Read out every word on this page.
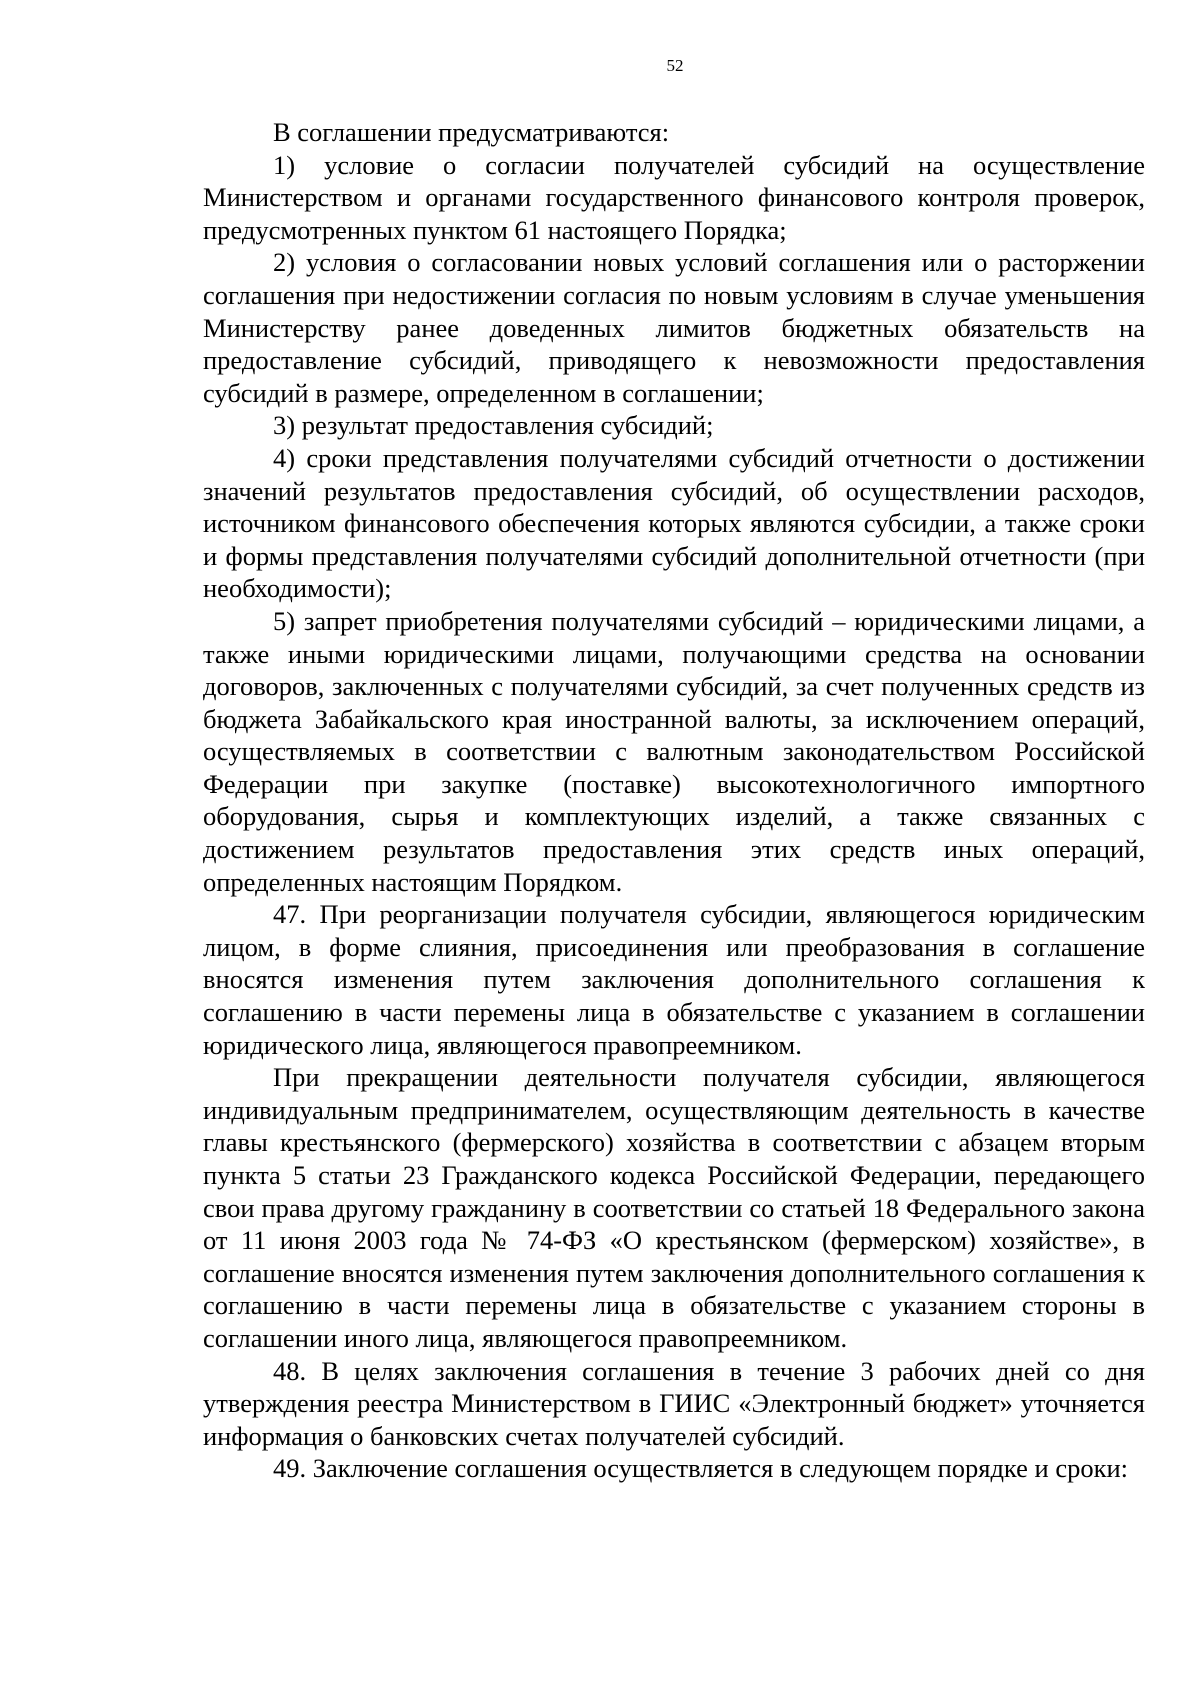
52

В соглашении предусматриваются:

1) условие о согласии получателей субсидий на осуществление Министерством и органами государственного финансового контроля проверок, предусмотренных пунктом 61 настоящего Порядка;

2) условия о согласовании новых условий соглашения или о расторжении соглашения при недостижении согласия по новым условиям в случае уменьшения Министерству ранее доведенных лимитов бюджетных обязательств на предоставление субсидий, приводящего к невозможности предоставления субсидий в размере, определенном в соглашении;

3) результат предоставления субсидий;

4) сроки представления получателями субсидий отчетности о достижении значений результатов предоставления субсидий, об осуществлении расходов, источником финансового обеспечения которых являются субсидии, а также сроки и формы представления получателями субсидий дополнительной отчетности (при необходимости);

5) запрет приобретения получателями субсидий – юридическими лицами, а также иными юридическими лицами, получающими средства на основании договоров, заключенных с получателями субсидий, за счет полученных средств из бюджета Забайкальского края иностранной валюты, за исключением операций, осуществляемых в соответствии с валютным законодательством Российской Федерации при закупке (поставке) высокотехнологичного импортного оборудования, сырья и комплектующих изделий, а также связанных с достижением результатов предоставления этих средств иных операций, определенных настоящим Порядком.

47. При реорганизации получателя субсидии, являющегося юридическим лицом, в форме слияния, присоединения или преобразования в соглашение вносятся изменения путем заключения дополнительного соглашения к соглашению в части перемены лица в обязательстве с указанием в соглашении юридического лица, являющегося правопреемником.

При прекращении деятельности получателя субсидии, являющегося индивидуальным предпринимателем, осуществляющим деятельность в качестве главы крестьянского (фермерского) хозяйства в соответствии с абзацем вторым пункта 5 статьи 23 Гражданского кодекса Российской Федерации, передающего свои права другому гражданину в соответствии со статьей 18 Федерального закона от 11 июня 2003 года № 74-ФЗ «О крестьянском (фермерском) хозяйстве», в соглашение вносятся изменения путем заключения дополнительного соглашения к соглашению в части перемены лица в обязательстве с указанием стороны в соглашении иного лица, являющегося правопреемником.

48. В целях заключения соглашения в течение 3 рабочих дней со дня утверждения реестра Министерством в ГИИС «Электронный бюджет» уточняется информация о банковских счетах получателей субсидий.

49. Заключение соглашения осуществляется в следующем порядке и сроки:
